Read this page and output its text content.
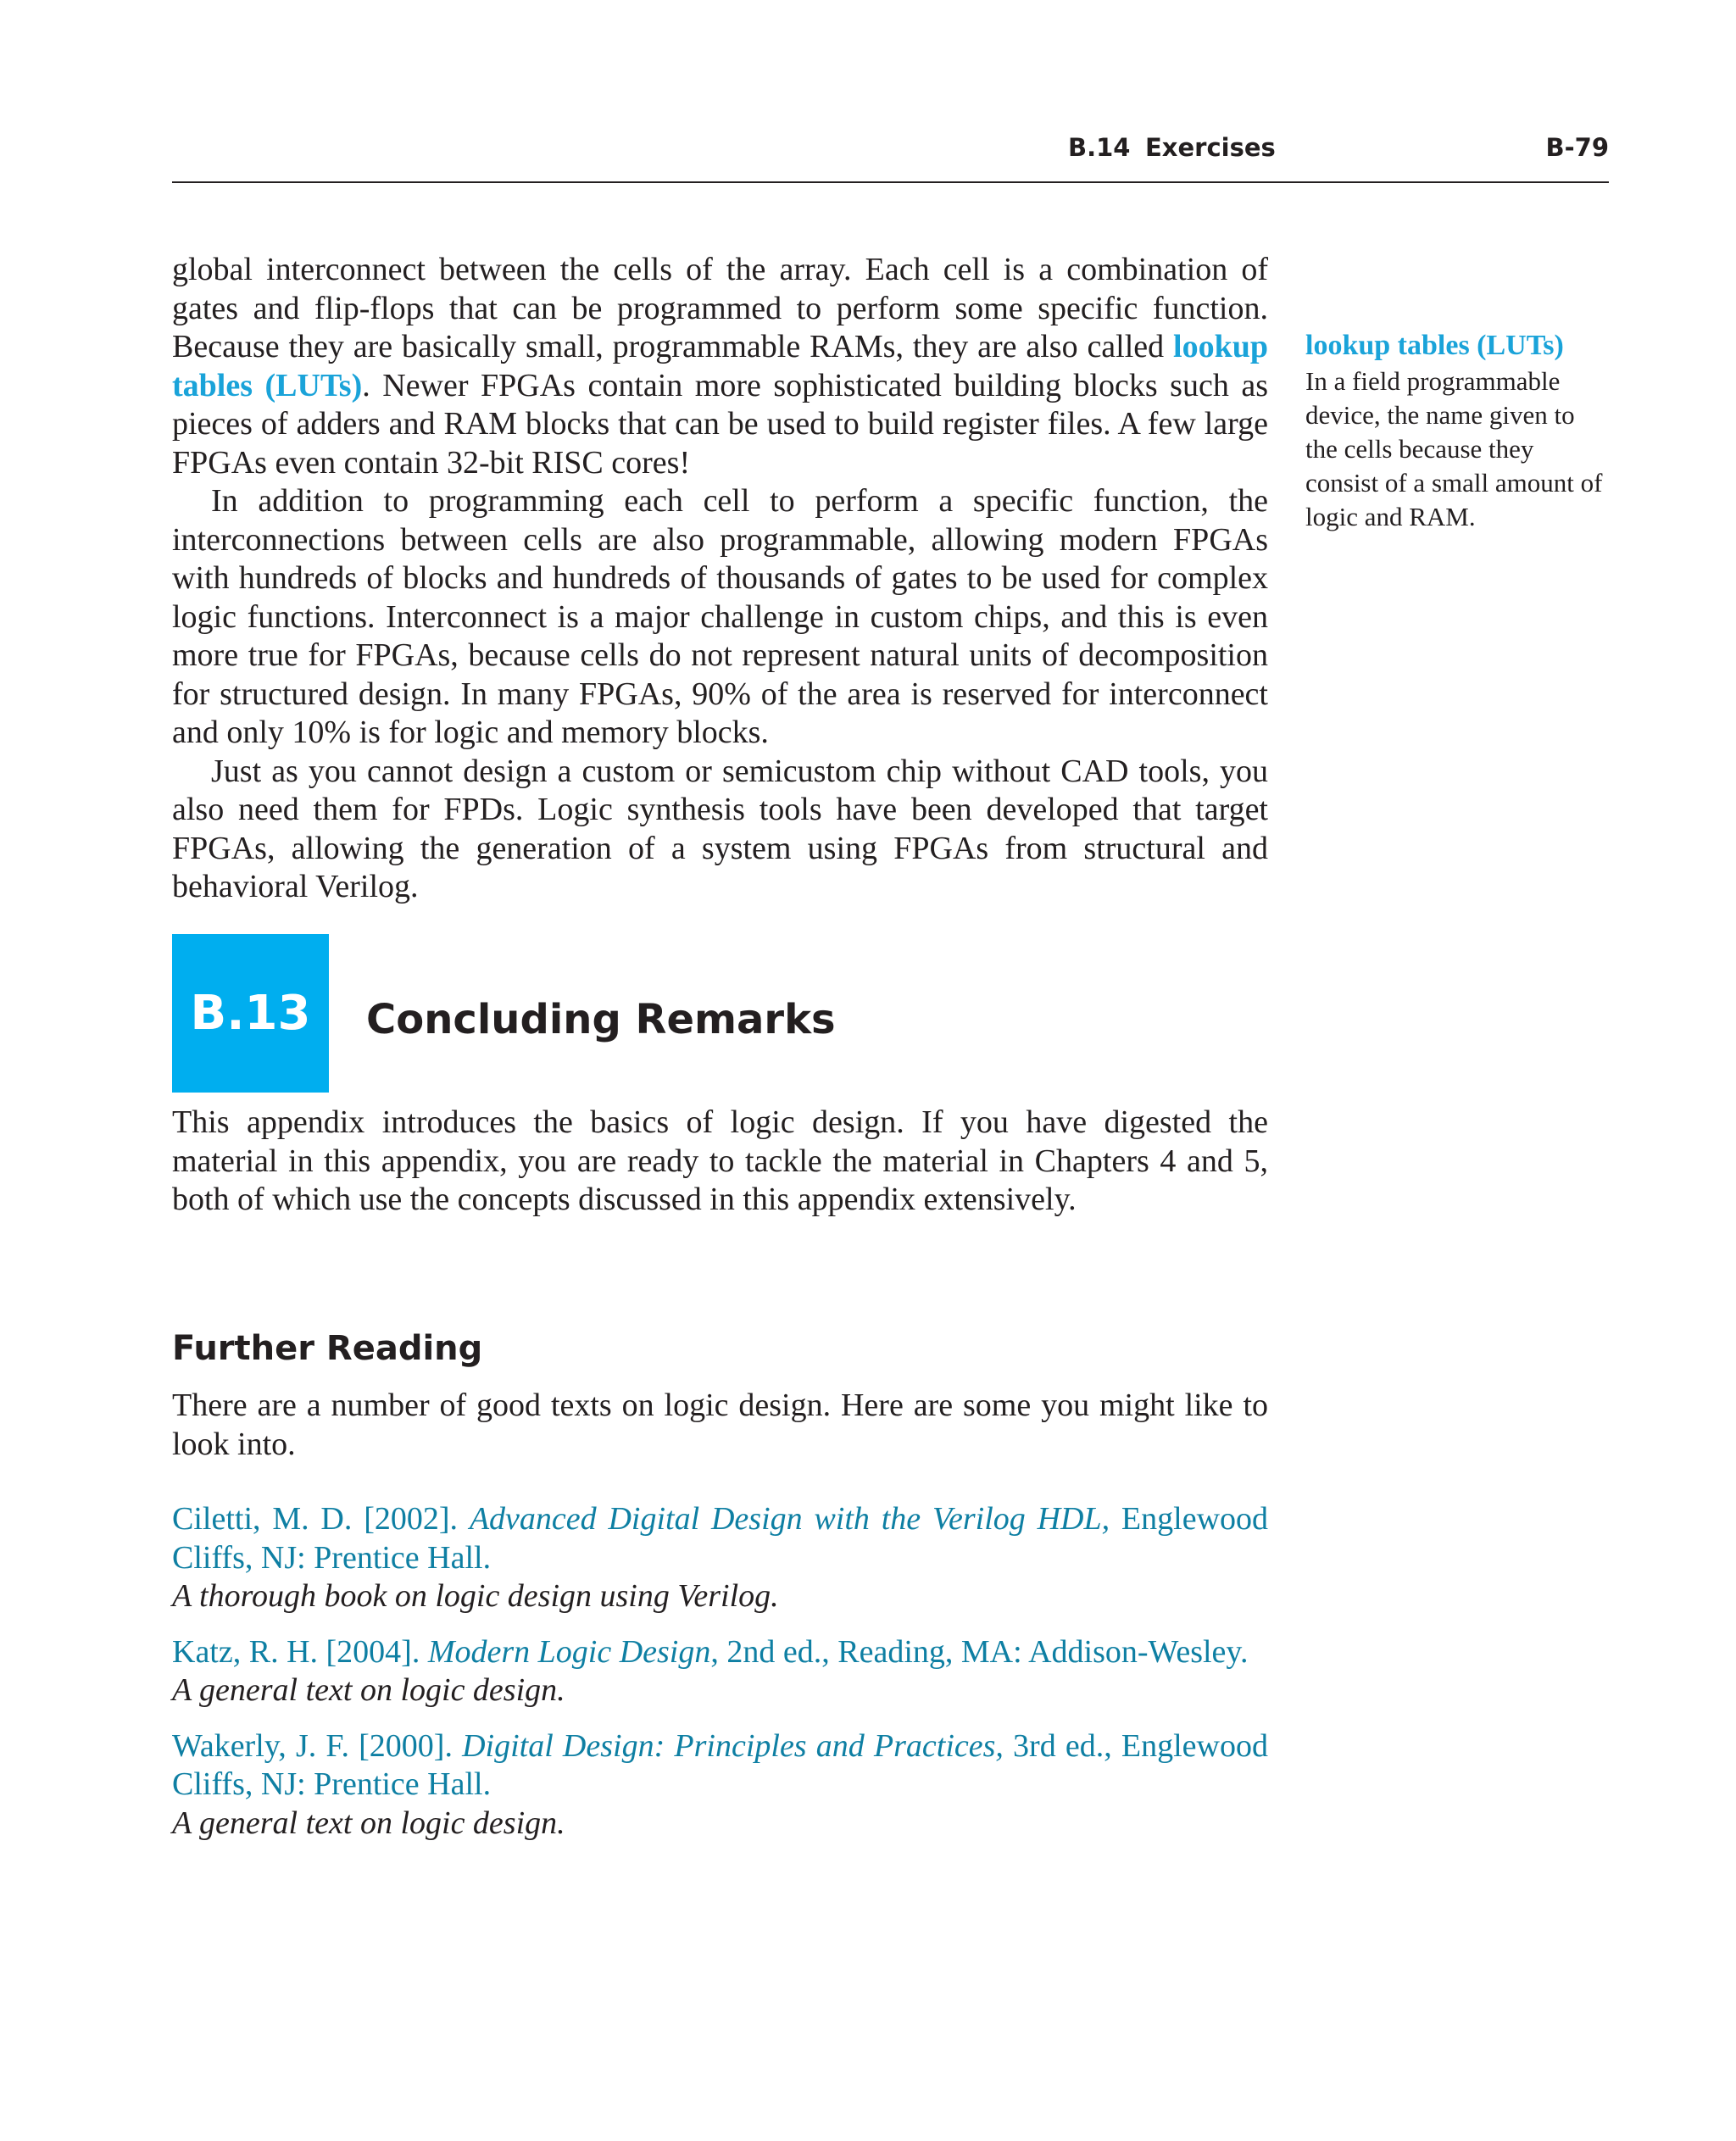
B.14 Exercises	B-79

global interconnect between the cells of the array. Each cell is a combination of gates and flip-flops that can be programmed to perform some specific function. Because they are basically small, programmable RAMs, they are also called lookup tables (LUTs). Newer FPGAs contain more sophisticated building blocks such as pieces of adders and RAM blocks that can be used to build register files. A few large FPGAs even contain 32-bit RISC cores!

In addition to programming each cell to perform a specific function, the interconnections between cells are also programmable, allowing modern FPGAs with hundreds of blocks and hundreds of thousands of gates to be used for complex logic functions. Interconnect is a major challenge in custom chips, and this is even more true for FPGAs, because cells do not represent natural units of decomposition for structured design. In many FPGAs, 90% of the area is reserved for interconnect and only 10% is for logic and memory blocks.

Just as you cannot design a custom or semicustom chip without CAD tools, you also need them for FPDs. Logic synthesis tools have been developed that target FPGAs, allowing the generation of a system using FPGAs from structural and behavioral Verilog.

lookup tables (LUTs)
In a field programmable device, the name given to the cells because they consist of a small amount of logic and RAM.
B.13 Concluding Remarks

This appendix introduces the basics of logic design. If you have digested the material in this appendix, you are ready to tackle the material in Chapters 4 and 5, both of which use the concepts discussed in this appendix extensively.

Further Reading

There are a number of good texts on logic design. Here are some you might like to look into.

Ciletti, M. D. [2002]. Advanced Digital Design with the Verilog HDL, Englewood Cliffs, NJ: Prentice Hall.
A thorough book on logic design using Verilog.
Katz, R. H. [2004]. Modern Logic Design, 2nd ed., Reading, MA: Addison-Wesley.
A general text on logic design.
Wakerly, J. F. [2000]. Digital Design: Principles and Practices, 3rd ed., Englewood Cliffs, NJ: Prentice Hall.
A general text on logic design.
